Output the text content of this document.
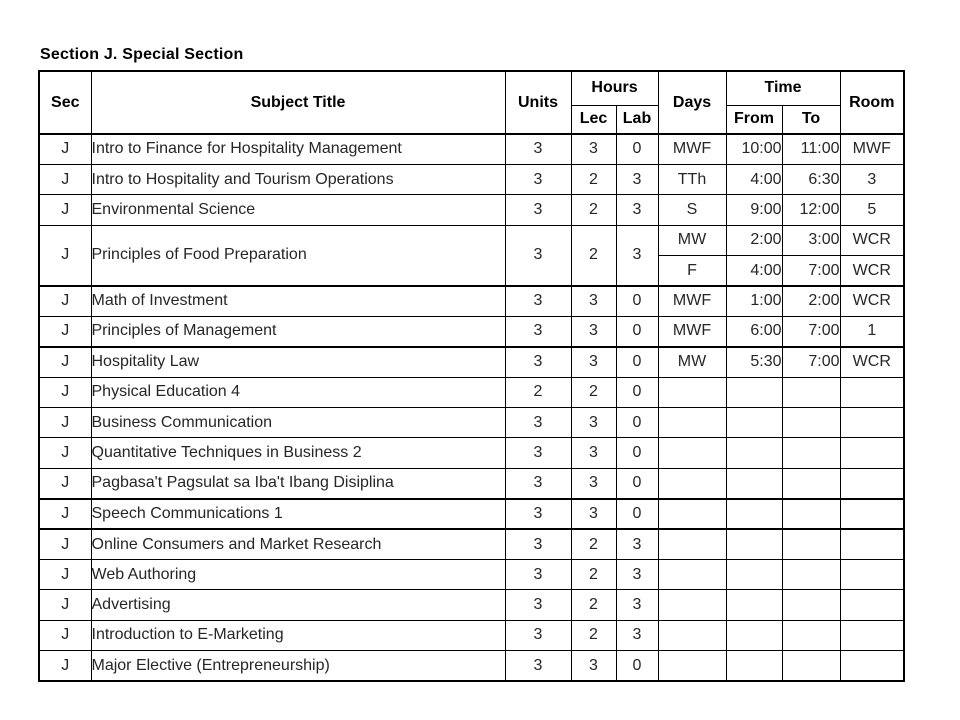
Section J. Special Section
Sec	Subject Title	Units	Hours		Days	Time		Room
			Lec	Lab		From	To	
J	Intro to Finance for Hospitality Management	3	3	0	MWF	10:00	11:00	MWF
J	Intro to Hospitality and Tourism Operations	3	2	3	TTh	4:00	6:30	3
J	Environmental Science	3	2	3	S	9:00	12:00	5
J	Principles of Food Preparation	3	2	3	MW	2:00	3:00	WCR
					F	4:00	7:00	WCR
J	Math of Investment	3	3	0	MWF	1:00	2:00	WCR
J	Principles of Management	3	3	0	MWF	6:00	7:00	1
J	Hospitality Law	3	3	0	MW	5:30	7:00	WCR
J	Physical Education 4	2	2	0				
J	Business Communication	3	3	0				
J	Quantitative Techniques in Business 2	3	3	0				
J	Pagbasa't Pagsulat sa Iba't Ibang Disiplina	3	3	0				
J	Speech Communications 1	3	3	0				
J	Online Consumers and Market Research	3	2	3				
J	Web Authoring	3	2	3				
J	Advertising	3	2	3				
J	Introduction to E-Marketing	3	2	3				
J	Major Elective (Entrepreneurship)	3	3	0				
